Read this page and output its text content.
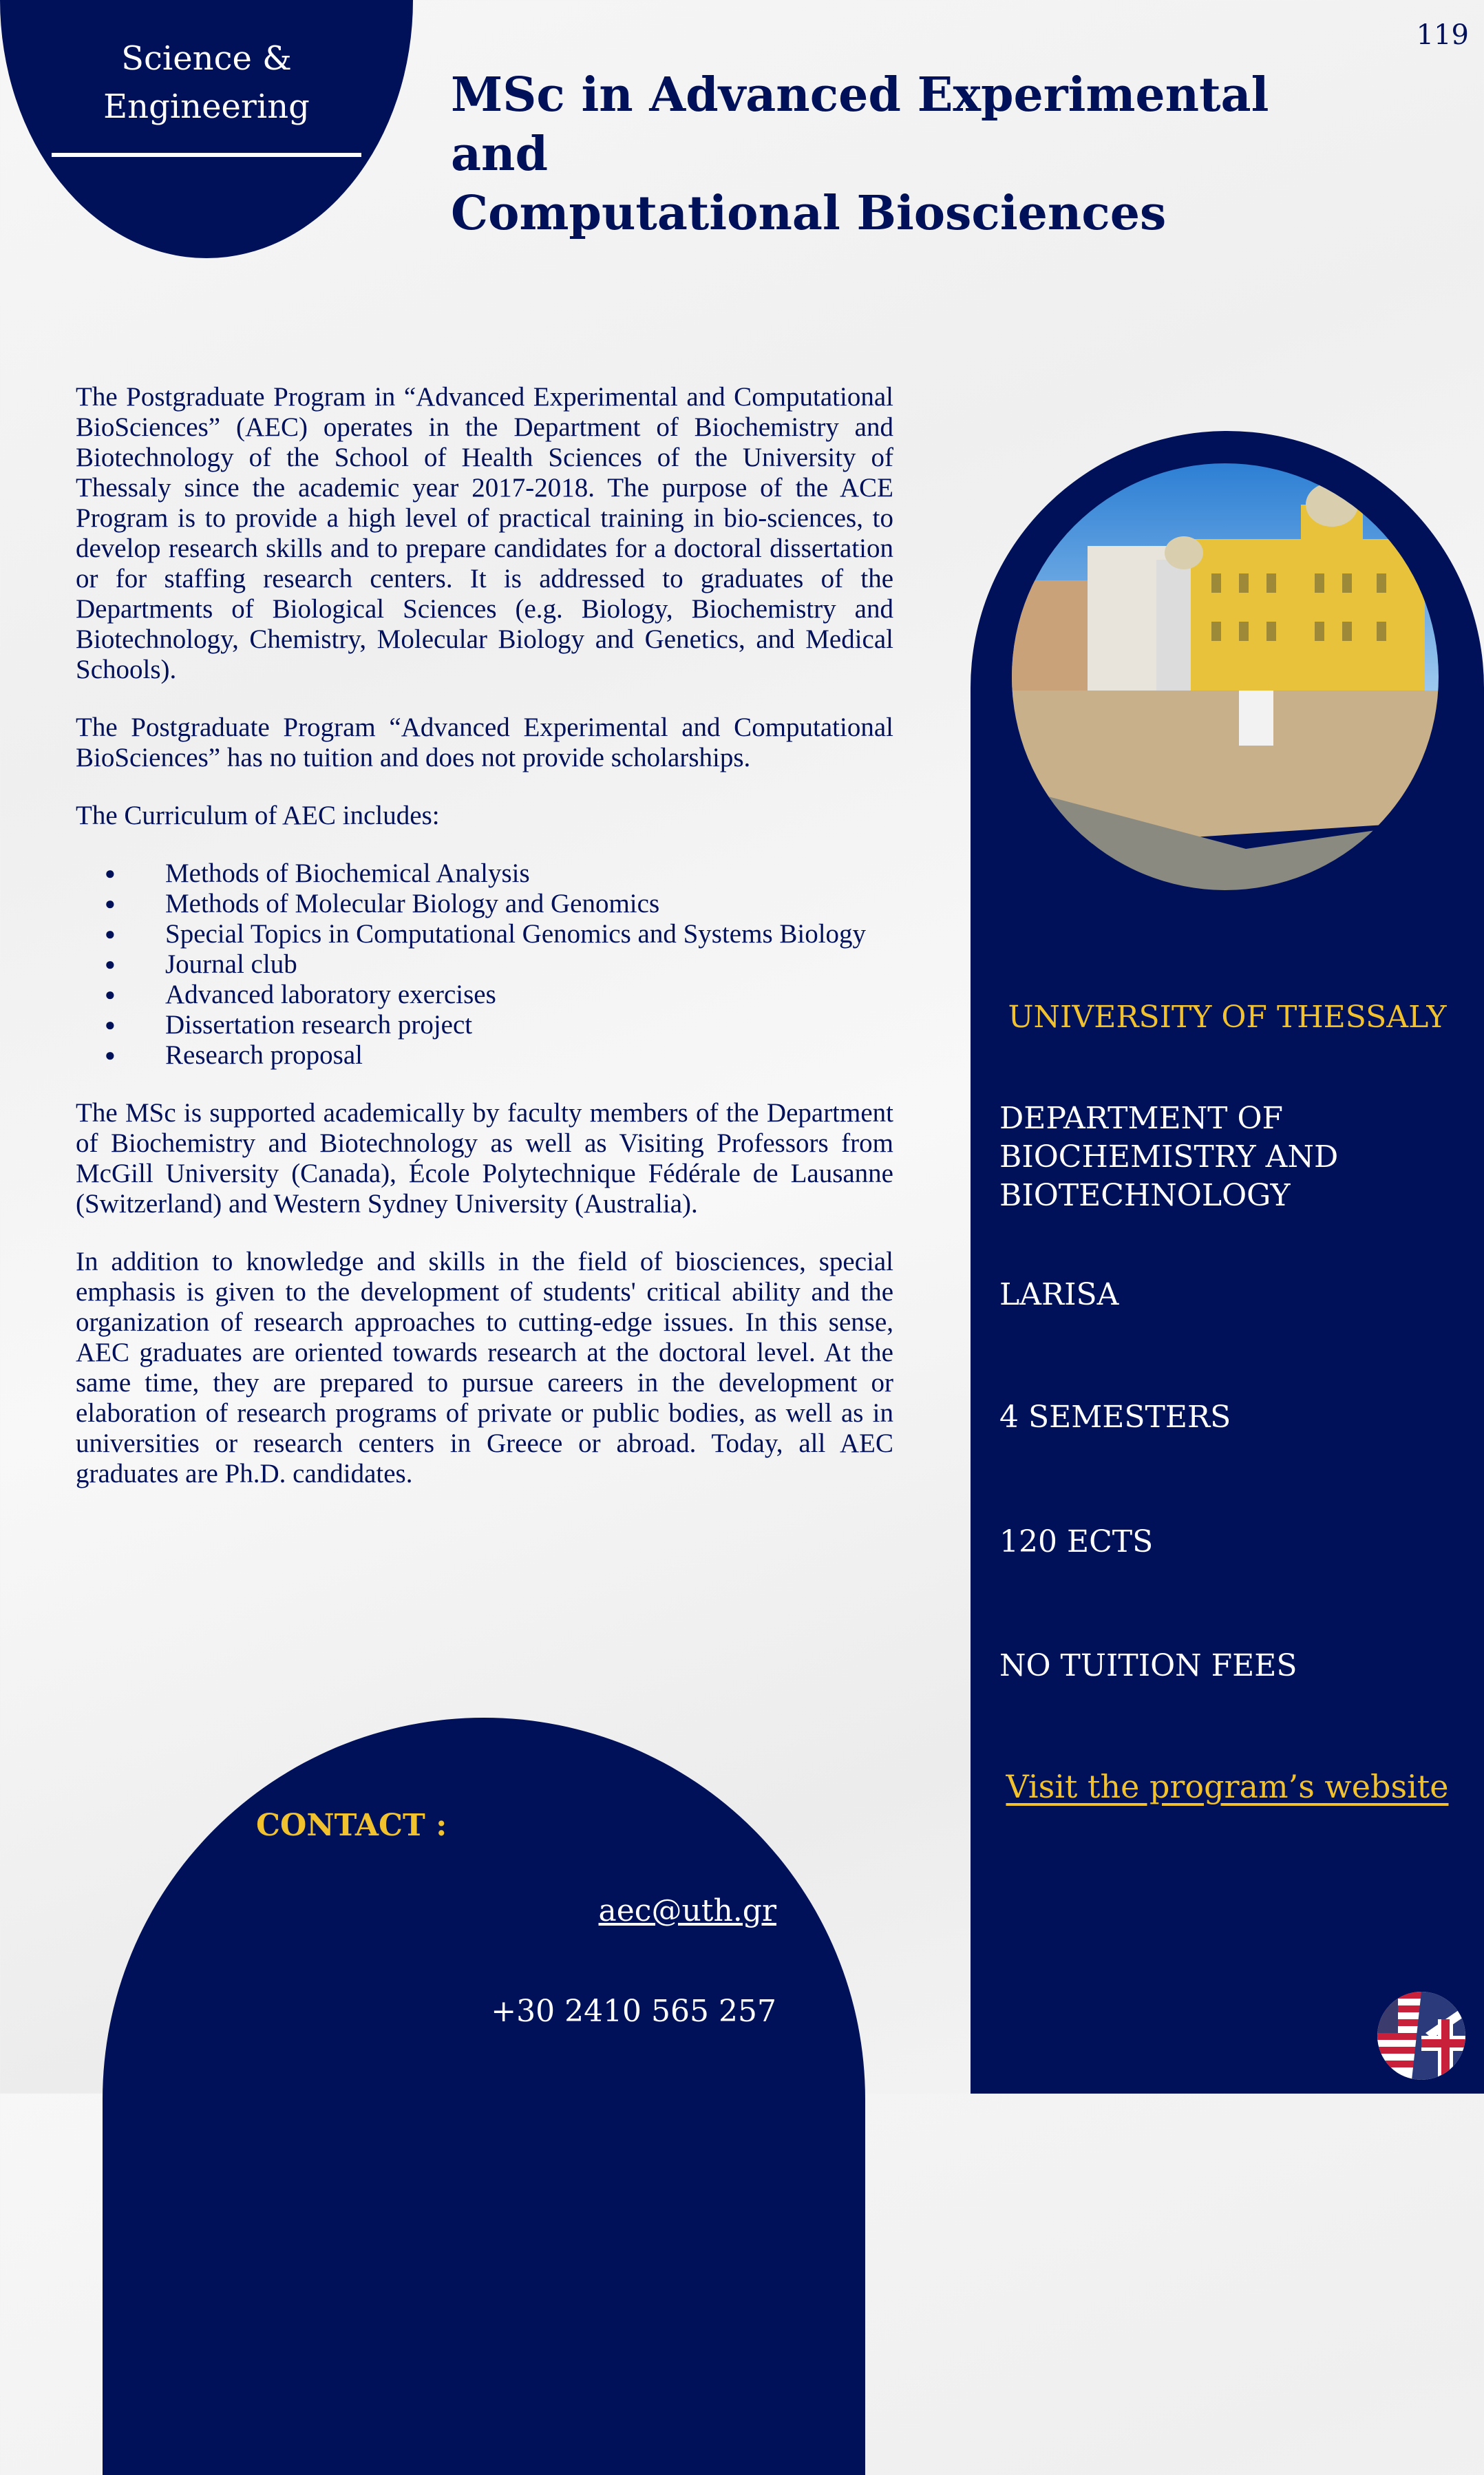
Science &
Engineering
119
MSc in Advanced Experimental and
Computational Biosciences

The Postgraduate Program in “Advanced Experimental and Computational BioSciences” (AEC) operates in the Department of Biochemistry and Biotechnology of the School of Health Sciences of the University of Thessaly since the academic year 2017-2018. The purpose of the ACE Program is to provide a high level of practical training in bio-sciences, to develop research skills and to prepare candidates for a doctoral dissertation or for staffing research centers. It is addressed to graduates of the Departments of Biological Sciences (e.g. Biology, Biochemistry and Biotechnology, Chemistry, Molecular Biology and Genetics, and Medical Schools).

The Postgraduate Program “Advanced Experimental and Computational BioSciences” has no tuition and does not provide scholarships.

The Curriculum of AEC includes:

● Methods of Biochemical Analysis
● Methods of Molecular Biology and Genomics
● Special Topics in Computational Genomics and Systems Biology
● Journal club
● Advanced laboratory exercises
● Dissertation research project
● Research proposal

The MSc is supported academically by faculty members of the Department of Biochemistry and Biotechnology as well as Visiting Professors from McGill University (Canada), École Polytechnique Fédérale de Lausanne (Switzerland) and Western Sydney University (Australia).

In addition to knowledge and skills in the field of biosciences, special emphasis is given to the development of students' critical ability and the organization of research approaches to cutting-edge issues. In this sense, AEC graduates are oriented towards research at the doctoral level. At the same time, they are prepared to pursue careers in the development or elaboration of research programs of private or public bodies, as well as in universities or research centers in Greece or abroad. Today, all AEC graduates are Ph.D. candidates.

UNIVERSITY OF THESSALY
DEPARTMENT OF
BIOCHEMISTRY AND
BIOTECHNOLOGY
LARISA
4 SEMESTERS
120 ECTS
NO TUITION FEES
Visit the program’s website
CONTACT :
aec@uth.gr
+30 2410 565 257
